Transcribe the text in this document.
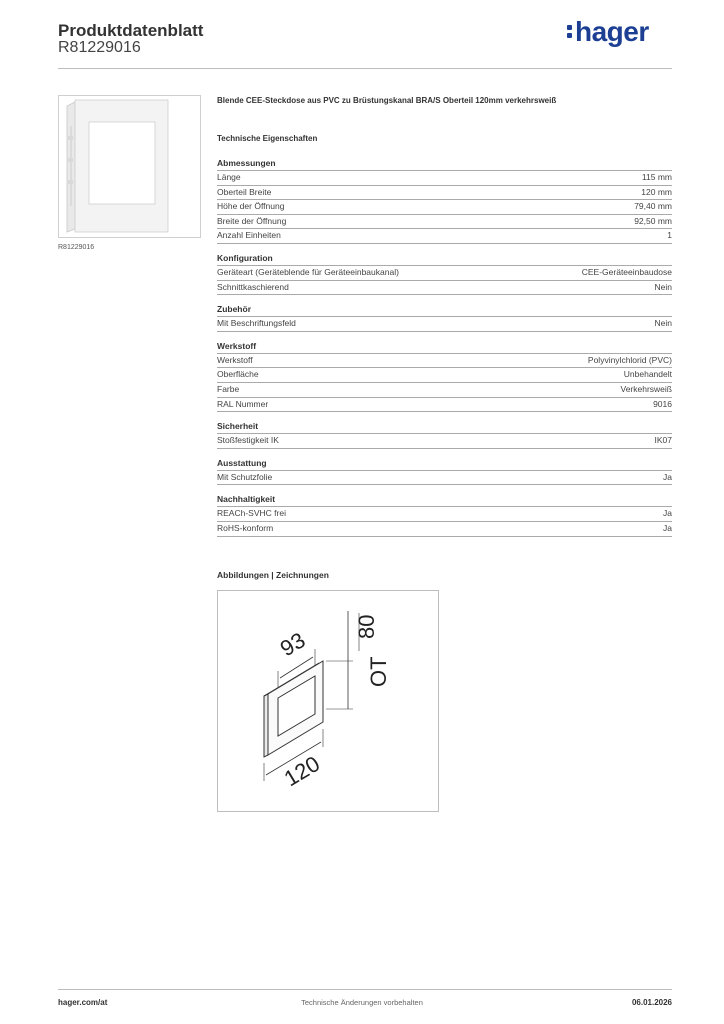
Produktdatenblatt
R81229016
hager
R81229016
Blende CEE-Steckdose aus PVC zu Brüstungskanal BRA/S Oberteil 120mm verkehrsweiß
Technische Eigenschaften
Abmessungen
Länge	115 mm
Oberteil Breite	120 mm
Höhe der Öffnung	79,40 mm
Breite der Öffnung	92,50 mm
Anzahl Einheiten	1
Konfiguration
Geräteart (Geräteblende für Geräteeinbaukanal)	CEE-Geräteeinbaudose
Schnittkaschierend	Nein
Zubehör
Mit Beschriftungsfeld	Nein
Werkstoff
Werkstoff	Polyvinylchlorid (PVC)
Oberfläche	Unbehandelt
Farbe	Verkehrsweiß
RAL Nummer	9016
Sicherheit
Stoßfestigkeit IK	IK07
Ausstattung
Mit Schutzfolie	Ja
Nachhaltigkeit
REACh-SVHC frei	Ja
RoHS-konform	Ja
Abbildungen | Zeichnungen
93
80
OT
120
Technische Änderungen vorbehalten
hager.com/at	06.01.2026
